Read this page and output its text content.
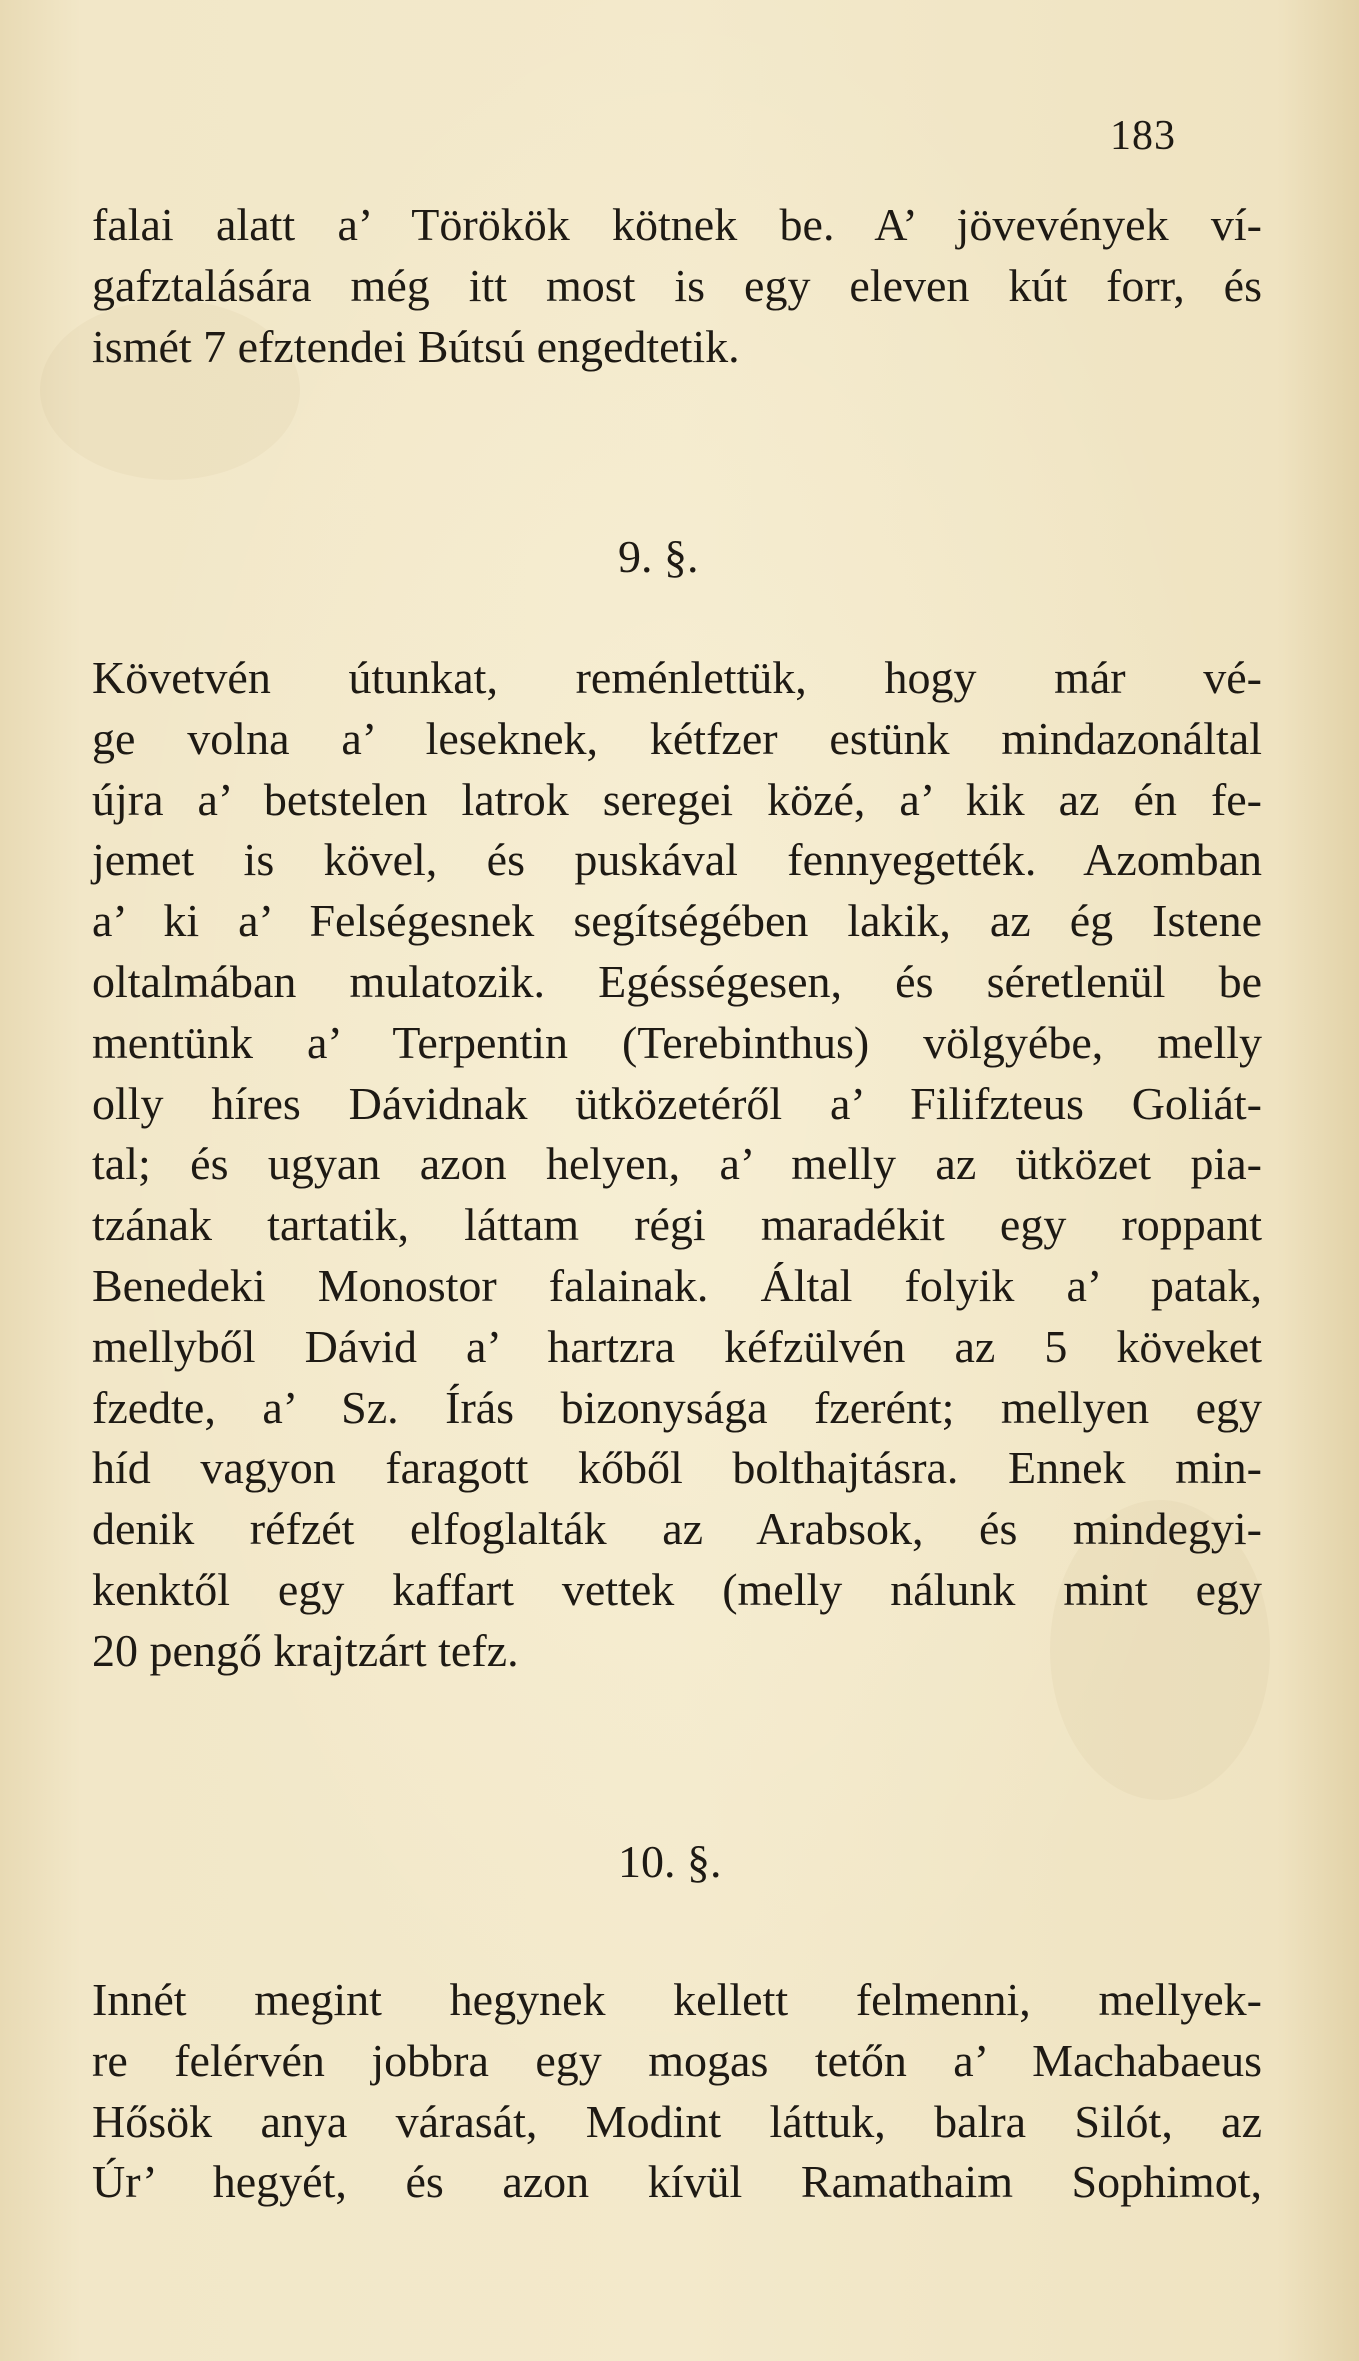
183
falai alatt a’ Törökök kötnek be. A’ jövevények ví-
gafztalására még itt most is egy eleven kút forr, és
ismét 7 efztendei Bútsú engedtetik.
9. §.
Követvén útunkat, reménlettük, hogy már vé-
ge volna a’ leseknek, kétfzer estünk mindazonáltal
újra a’ betstelen latrok seregei közé, a’ kik az én fe-
jemet is kövel, és puskával fennyegették. Azomban
a’ ki a’ Felségesnek segítségében lakik, az ég Istene
oltalmában mulatozik. Egésségesen, és séretlenül be
mentünk a’ Terpentin (Terebinthus) völgyébe, melly
olly híres Dávidnak ütközetéről a’ Filifzteus Goliát-
tal; és ugyan azon helyen, a’ melly az ütközet pia-
tzának tartatik, láttam régi maradékit egy roppant
Benedeki Monostor falainak. Által folyik a’ patak,
mellyből Dávid a’ hartzra kéfzülvén az 5 köveket
fzedte, a’ Sz. Írás bizonysága fzerént; mellyen egy
híd vagyon faragott kőből bolthajtásra. Ennek min-
denik réfzét elfoglalták az Arabsok, és mindegyi-
kenktől egy kaffart vettek (melly nálunk mint egy
20 pengő krajtzárt tefz.
10. §.
Innét megint hegynek kellett felmenni, mellyek-
re felérvén jobbra egy mogas tetőn a’ Machabaeus
Hősök anya várasát, Modint láttuk, balra Silót, az
Úr’ hegyét, és azon kívül Ramathaim Sophimot,
